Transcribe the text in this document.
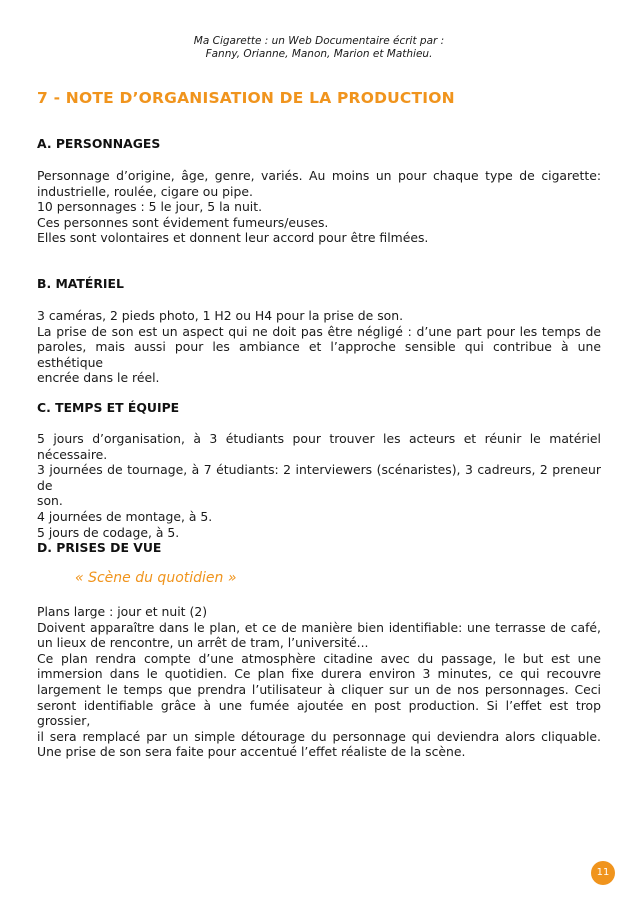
Ma Cigarette : un Web Documentaire écrit par :
Fanny, Orianne, Manon, Marion et Mathieu.
7 - NOTE D’ORGANISATION DE LA PRODUCTION
A. PERSONNAGES
Personnage d’origine, âge, genre, variés. Au moins un pour chaque type de cigarette:
industrielle, roulée, cigare ou pipe.
10 personnages : 5 le jour, 5 la nuit.
Ces personnes sont évidement fumeurs/euses.
Elles sont volontaires et donnent leur accord pour être filmées.
B. MATÉRIEL
3 caméras, 2 pieds photo, 1 H2 ou H4 pour la prise de son.
La prise de son est un aspect qui ne doit pas être négligé : d’une part pour les temps de
paroles, mais aussi pour les ambiance et l’approche sensible qui contribue à une esthétique
encrée dans le réel.
C. TEMPS ET ÉQUIPE
5 jours d’organisation, à 3 étudiants pour trouver les acteurs et réunir le matériel nécessaire.
3 journées de tournage, à 7 étudiants: 2 interviewers (scénaristes), 3 cadreurs, 2 preneur de
son.
4 journées de montage, à 5.
5 jours de codage, à 5.
D. PRISES DE VUE
« Scène du quotidien »
Plans large : jour et nuit (2)
Doivent apparaître dans le plan, et ce de manière bien identifiable: une terrasse de café,
un lieux de rencontre, un arrêt de tram, l’université...
Ce plan rendra compte d’une atmosphère citadine avec du passage, le but est une
immersion dans le quotidien. Ce plan fixe durera environ 3 minutes, ce qui recouvre
largement le temps que prendra l’utilisateur à cliquer sur un de nos personnages. Ceci
seront identifiable grâce à une fumée ajoutée en post production. Si l’effet est trop grossier,
il sera remplacé par un simple détourage du personnage qui deviendra alors cliquable.
Une prise de son sera faite pour accentué l’effet réaliste de la scène.
11
